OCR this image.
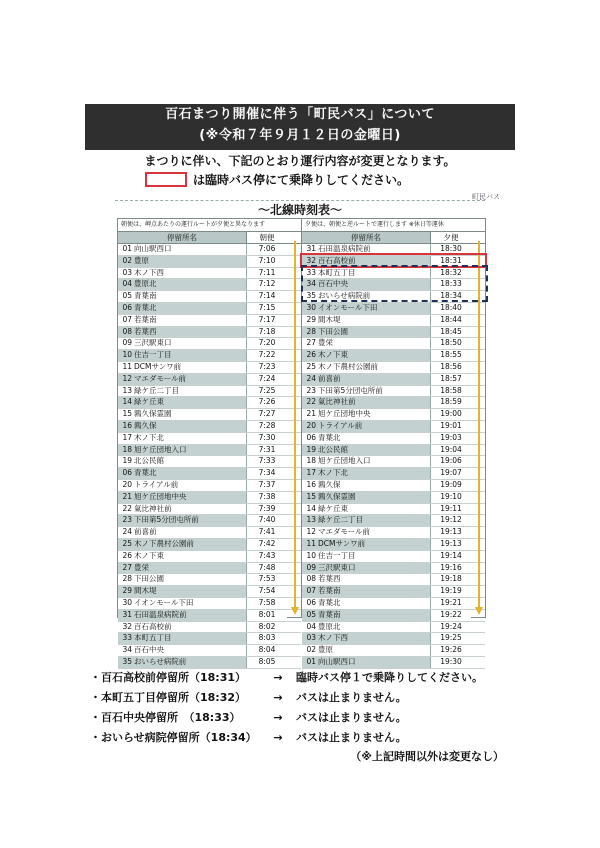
百石まつり開催に伴う「町民バス」について
(※令和７年９月１２日の金曜日)
まつりに伴い、下記のとおり運行内容が変更となります。
は臨時バス停にて乗降りしてください。
町民バス
〜北線時刻表〜
朝便は、岬点あたりの運行ルートが夕便と異なります
停留所名	朝便
01 向山駅西口	7:06
02 豊原	7:10
03 木ノ下西	7:11
04 豊原北	7:12
05 青葉南	7:14
06 青葉北	7:15
07 若葉南	7:17
08 若葉西	7:18
09 三沢駅東口	7:20
10 住吉一丁目	7:22
11 DCMサンワ前	7:23
12 マエダモール前	7:24
13 緑ケ丘二丁目	7:25
14 緑ケ丘東	7:26
15 鶉久保霊園	7:27
16 鶉久保	7:28
17 木ノ下北	7:30
18 旭ケ丘団地入口	7:31
19 北公民館	7:33
06 青葉北	7:34
20 トライアル前	7:37
21 旭ケ丘団地中央	7:38
22 氣比神社前	7:39
23 下田第5分団屯所前	7:40
24 前喜前	7:41
25 木ノ下農村公園前	7:42
26 木ノ下東	7:43
27 豊栄	7:48
28 下田公園	7:53
29 間木堤	7:54
30 イオンモール下田	7:58
31 石田温泉病院前	8:01
32 百石高校前	8:02
33 本町五丁目	8:03
34 百石中央	8:04
35 おいらせ病院前	8:05
夕便は、朝便と逆ルートで運行します ※休日等運休
停留所名	夕便
31 石田温泉病院前	18:30
32 百石高校前	18:31
33 本町五丁目	18:32
34 百石中央	18:33
35 おいらせ病院前	18:34
30 イオンモール下田	18:40
29 間木堤	18:44
28 下田公園	18:45
27 豊栄	18:50
26 木ノ下東	18:55
25 木ノ下農村公園前	18:56
24 前喜前	18:57
23 下田第5分団屯所前	18:58
22 氣比神社前	18:59
21 旭ケ丘団地中央	19:00
20 トライアル前	19:01
06 青葉北	19:03
19 北公民館	19:04
18 旭ケ丘団地入口	19:06
17 木ノ下北	19:07
16 鶉久保	19:09
15 鶉久保霊園	19:10
14 緑ケ丘東	19:11
13 緑ケ丘二丁目	19:12
12 マエダモール前	19:13
11 DCMサンワ前	19:13
10 住吉一丁目	19:14
09 三沢駅東口	19:16
08 若葉西	19:18
07 若葉南	19:19
06 青葉北	19:21
05 青葉南	19:22
04 豊原北	19:24
03 木ノ下西	19:25
02 豊原	19:26
01 向山駅西口	19:30
・百石高校前停留所（18:31）	→	臨時バス停１で乗降りしてください。
・本町五丁目停留所（18:32）	→	バスは止まりません。
・百石中央停留所　（18:33）	→	バスは止まりません。
・おいらせ病院停留所（18:34）	→	バスは止まりません。
（※上記時間以外は変更なし）
